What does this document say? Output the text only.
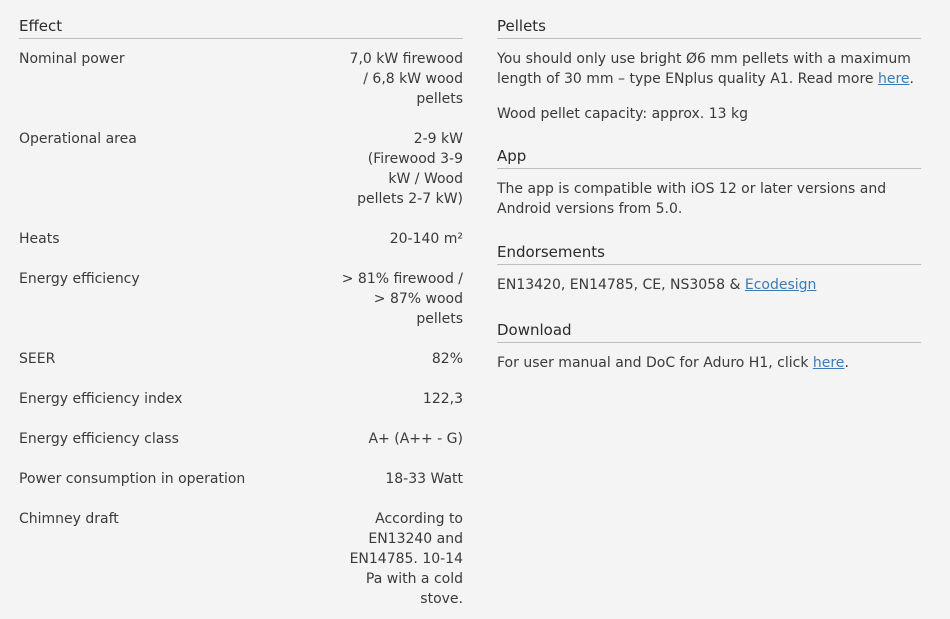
Effect
Nominal power	7,0 kW firewood
/ 6,8 kW wood
pellets
Operational area	2-9 kW
(Firewood 3-9
kW / Wood
pellets 2-7 kW)
Heats	20-140 m²
Energy efficiency	> 81% firewood /
> 87% wood
pellets
SEER	82%
Energy efficiency index	122,3
Energy efficiency class	A+ (A++ - G)
Power consumption in operation	18-33 Watt
Chimney draft	According to
EN13240 and
EN14785. 10-14
Pa with a cold
stove.
Pellets

You should only use bright Ø6 mm pellets with a maximum length of 30 mm – type ENplus quality A1. Read more here.

Wood pellet capacity: approx. 13 kg

App

The app is compatible with iOS 12 or later versions and Android versions from 5.0.

Endorsements

EN13420, EN14785, CE, NS3058 & Ecodesign

Download

For user manual and DoC for Aduro H1, click here.
